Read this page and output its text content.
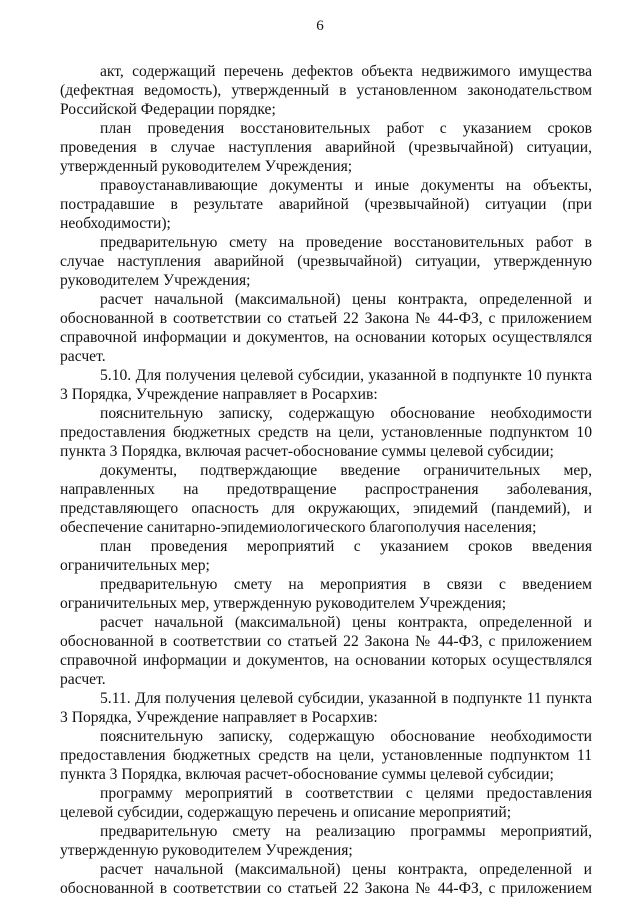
6

акт, содержащий перечень дефектов объекта недвижимого имущества (дефектная ведомость), утвержденный в установленном законодательством Российской Федерации порядке;

план проведения восстановительных работ с указанием сроков проведения в случае наступления аварийной (чрезвычайной) ситуации, утвержденный руководителем Учреждения;

правоустанавливающие документы и иные документы на объекты, пострадавшие в результате аварийной (чрезвычайной) ситуации (при необходимости);

предварительную смету на проведение восстановительных работ в случае наступления аварийной (чрезвычайной) ситуации, утвержденную руководителем Учреждения;

расчет начальной (максимальной) цены контракта, определенной и обоснованной в соответствии со статьей 22 Закона № 44-ФЗ, с приложением справочной информации и документов, на основании которых осуществлялся расчет.

5.10. Для получения целевой субсидии, указанной в подпункте 10 пункта 3 Порядка, Учреждение направляет в Росархив:

пояснительную записку, содержащую обоснование необходимости предоставления бюджетных средств на цели, установленные подпунктом 10 пункта 3 Порядка, включая расчет-обоснование суммы целевой субсидии;

документы, подтверждающие введение ограничительных мер, направленных на предотвращение распространения заболевания, представляющего опасность для окружающих, эпидемий (пандемий), и обеспечение санитарно-эпидемиологического благополучия населения;

план проведения мероприятий с указанием сроков введения ограничительных мер;

предварительную смету на мероприятия в связи с введением ограничительных мер, утвержденную руководителем Учреждения;

расчет начальной (максимальной) цены контракта, определенной и обоснованной в соответствии со статьей 22 Закона № 44-ФЗ, с приложением справочной информации и документов, на основании которых осуществлялся расчет.

5.11. Для получения целевой субсидии, указанной в подпункте 11 пункта 3 Порядка, Учреждение направляет в Росархив:

пояснительную записку, содержащую обоснование необходимости предоставления бюджетных средств на цели, установленные подпунктом 11 пункта 3 Порядка, включая расчет-обоснование суммы целевой субсидии;

программу мероприятий в соответствии с целями предоставления целевой субсидии, содержащую перечень и описание мероприятий;

предварительную смету на реализацию программы мероприятий, утвержденную руководителем Учреждения;

расчет начальной (максимальной) цены контракта, определенной и обоснованной в соответствии со статьей 22 Закона № 44-ФЗ, с приложением
